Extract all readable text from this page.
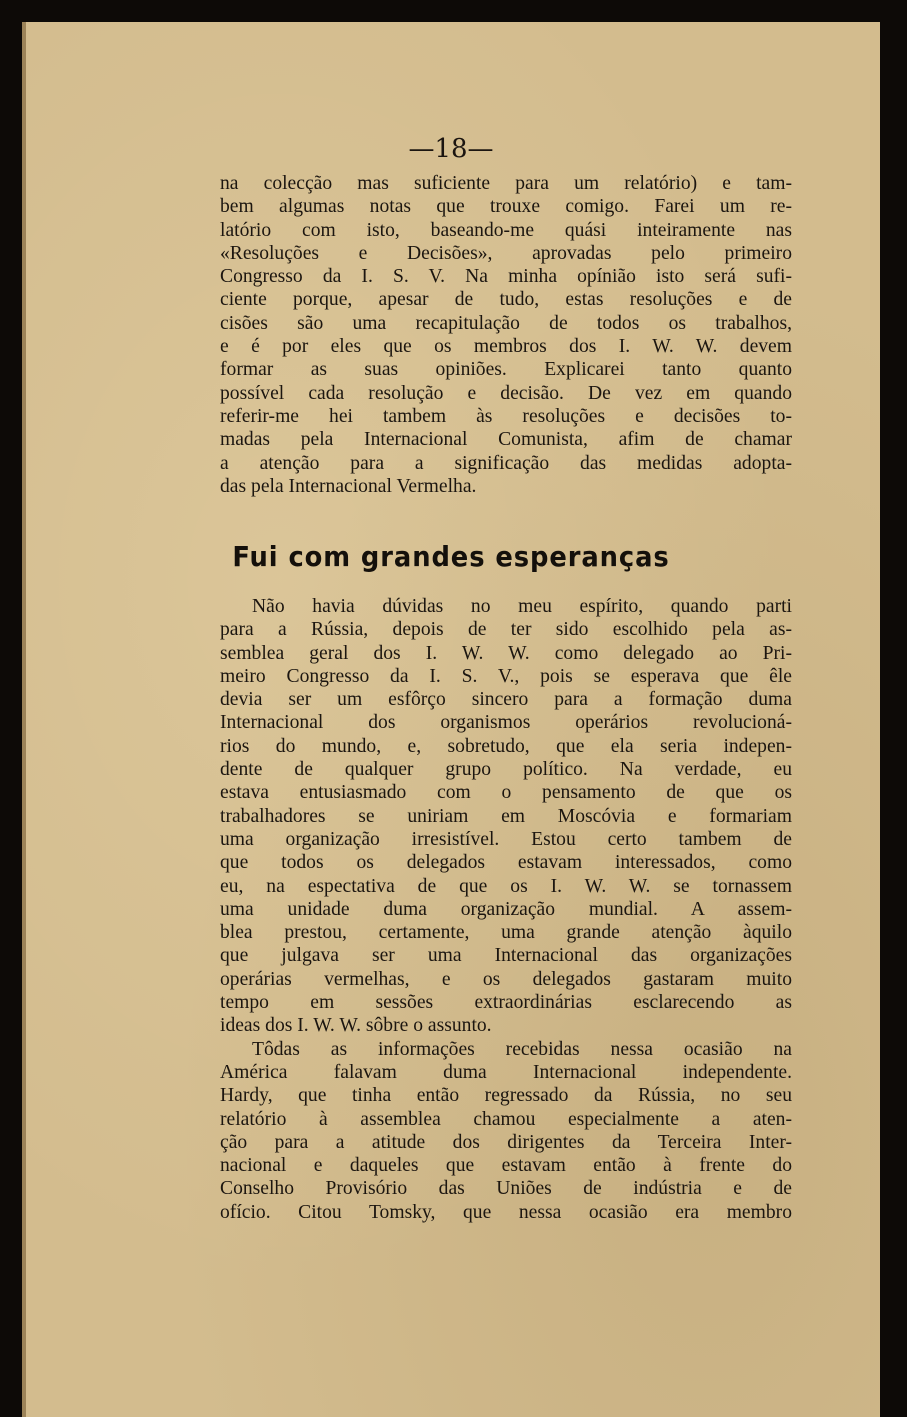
—18—
na colecção mas suficiente para um relatório) e tam-
bem algumas notas que trouxe comigo. Farei um re-
latório com isto, baseando-me quási inteiramente nas
«Resoluções e Decisões», aprovadas pelo primeiro
Congresso da I. S. V. Na minha opínião isto será sufi-
ciente porque, apesar de tudo, estas resoluções e de
cisões são uma recapitulação de todos os trabalhos,
e é por eles que os membros dos I. W. W. devem
formar as suas opiniões. Explicarei tanto quanto
possível cada resolução e decisão. De vez em quando
referir-me hei tambem às resoluções e decisões to-
madas pela Internacional Comunista, afim de chamar
a atenção para a significação das medidas adopta-
das pela Internacional Vermelha.
Fui com grandes esperanças
Não havia dúvidas no meu espírito, quando parti
para a Rússia, depois de ter sido escolhido pela as-
semblea geral dos I. W. W. como delegado ao Pri-
meiro Congresso da I. S. V., pois se esperava que êle
devia ser um esfôrço sincero para a formação duma
Internacional dos organismos operários revolucioná-
rios do mundo, e, sobretudo, que ela seria indepen-
dente de qualquer grupo político. Na verdade, eu
estava entusiasmado com o pensamento de que os
trabalhadores se uniriam em Moscóvia e formariam
uma organização irresistível. Estou certo tambem de
que todos os delegados estavam interessados, como
eu, na espectativa de que os I. W. W. se tornassem
uma unidade duma organização mundial. A assem-
blea prestou, certamente, uma grande atenção àquilo
que julgava ser uma Internacional das organizações
operárias vermelhas, e os delegados gastaram muito
tempo em sessões extraordinárias esclarecendo as
ideas dos I. W. W. sôbre o assunto.
Tôdas as informações recebidas nessa ocasião na
América falavam duma Internacional independente.
Hardy, que tinha então regressado da Rússia, no seu
relatório à assemblea chamou especialmente a aten-
ção para a atitude dos dirigentes da Terceira Inter-
nacional e daqueles que estavam então à frente do
Conselho Provisório das Uniões de indústria e de
ofício. Citou Tomsky, que nessa ocasião era membro
